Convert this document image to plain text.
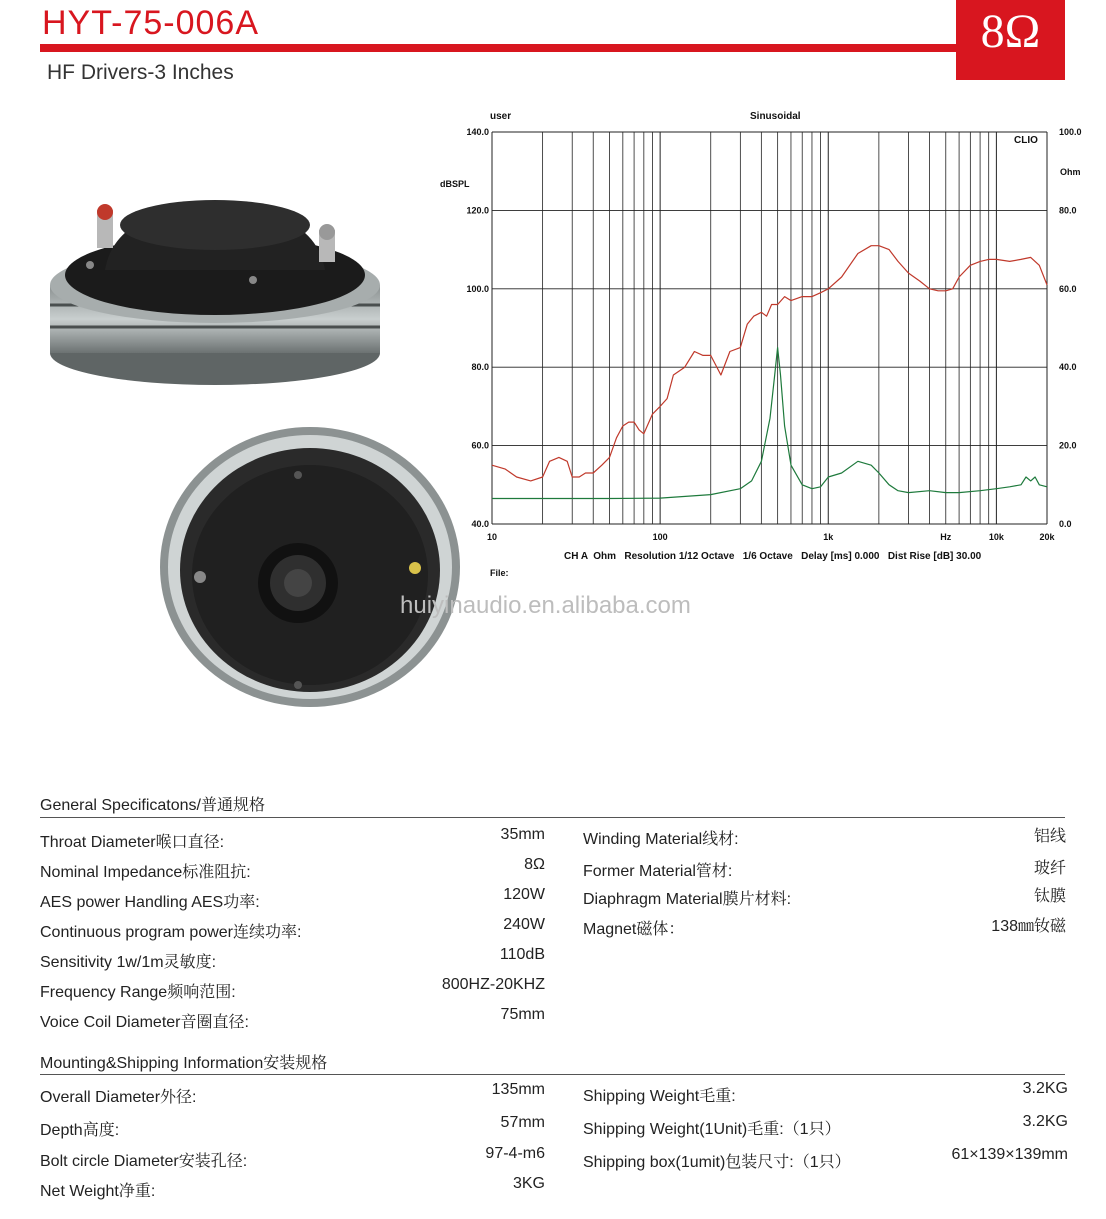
HYT-75-006A	8Ω
HF Drivers-3 Inches
40.0
60.0
80.0
100.0
120.0
140.0
0.0
20.0
40.0
60.0
80.0
100.0
10	100	1k	Hz	10k	20k
user	Sinusoidal
CLIO
dBSPL
Ohm
CH A  Ohm   Resolution 1/12 Octave   1/6 Octave   Delay [ms] 0.000   Dist Rise [dB] 30.00
File:
huiyinaudio.en.alibaba.com
General Specificatons/普通规格
Throat Diameter喉口直径:	35mm
Nominal Impedance标准阻抗:	8Ω
AES power Handling AES功率:	120W
Continuous program power连续功率:	240W
Sensitivity 1w/1m灵敏度:	110dB
Frequency Range频响范围:	800HZ-20KHZ
Voice Coil Diameter音圈直径:	75mm
Winding Material线材:	铝线
Former Material管材:	玻纤
Diaphragm Material膜片材料:	钛膜
Magnet磁体：	138㎜钕磁
Mounting&Shipping Information安装规格
Overall Diameter外径:	135mm
Depth高度:	57mm
Bolt circle Diameter安装孔径:	97-4-m6
Net Weight净重:	3KG
Shipping Weight毛重:	3.2KG
Shipping Weight(1Unit)毛重:（1只）	3.2KG
Shipping box(1umit)包装尺寸:（1只）	61×139×139mm
